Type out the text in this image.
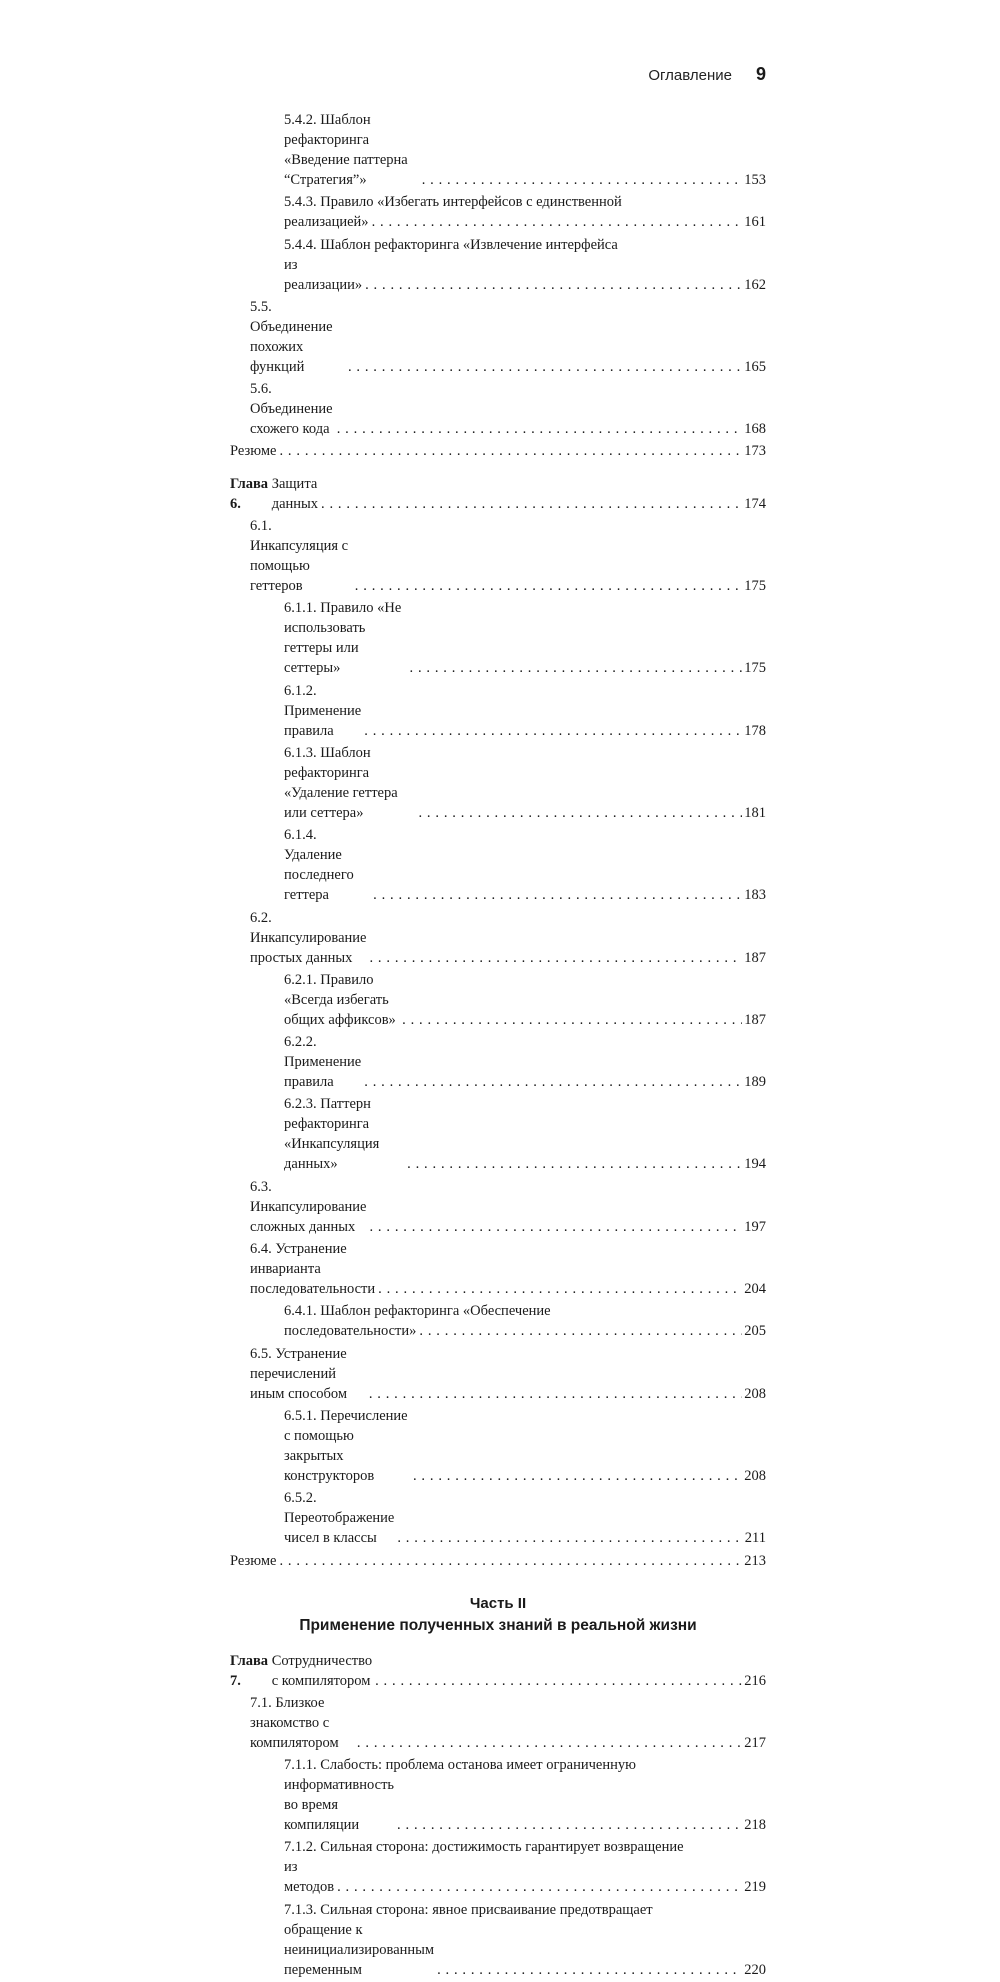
Оглавление 9
5.4.2. Шаблон рефакторинга «Введение паттерна “Стратегия”» . . .	153
5.4.3. Правило «Избегать интерфейсов с единственной
реализацией» . . .	161
5.4.4. Шаблон рефакторинга «Извлечение интерфейса
из реализации» . . .	162
5.5. Объединение похожих функций . . .	165
5.6. Объединение схожего кода . . .	168
Резюме . . .	173
Глава 6.

Защита данных . . .	174
6.1. Инкапсуляция с помощью геттеров . . .	175
6.1.1. Правило «Не использовать геттеры или сеттеры» . . .	175
6.1.2. Применение правила . . .	178
6.1.3. Шаблон рефакторинга «Удаление геттера или сеттера» . . .	181
6.1.4. Удаление последнего геттера . . .	183
6.2. Инкапсулирование простых данных . . .	187
6.2.1. Правило «Всегда избегать общих аффиксов» . . .	187
6.2.2. Применение правила . . .	189
6.2.3. Паттерн рефакторинга «Инкапсуляция данных» . . .	194
6.3. Инкапсулирование сложных данных . . .	197
6.4. Устранение инварианта последовательности . . .	204
6.4.1. Шаблон рефакторинга «Обеспечение
последовательности» . . .	205
6.5. Устранение перечислений иным способом . . .	208
6.5.1. Перечисление с помощью закрытых конструкторов . . .	208
6.5.2. Переотображение чисел в классы . . .	211
Резюме . . .	213
Часть II
Применение полученных знаний в реальной жизни
Глава 7.

Сотрудничество с компилятором . . .	216
7.1. Близкое знакомство с компилятором . . .	217
7.1.1. Слабость: проблема останова имеет ограниченную
информативность во время компиляции . . .	218
7.1.2. Сильная сторона: достижимость гарантирует возвращение
из методов . . .	219
7.1.3. Сильная сторона: явное присваивание предотвращает
обращение к неинициализированным переменным . . .	220
